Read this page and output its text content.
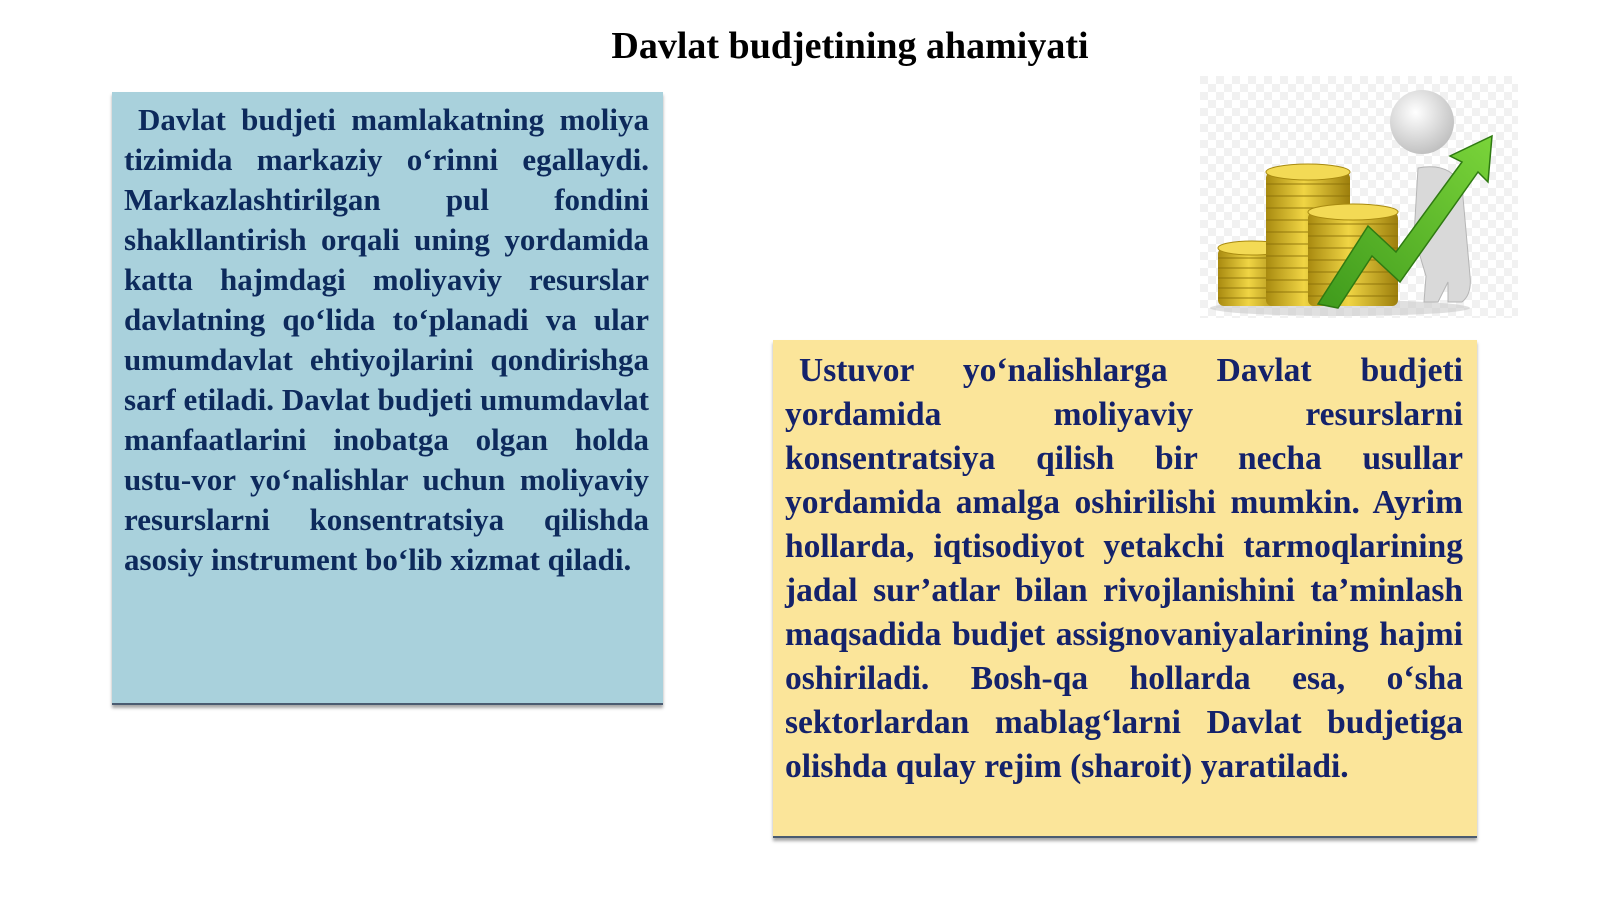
Davlat budjetining ahamiyati

Davlat budjeti mamlakatning moliya tizimida markaziy o‘rinni egallaydi. Markazlashtirilgan pul fondini shakllantirish orqali uning yordamida katta hajmdagi moliyaviy resurslar davlatning qo‘lida to‘planadi va ular umumdavlat ehtiyojlarini qondirishga sarf etiladi. Davlat budjeti umumdavlat manfaatlarini inobatga olgan holda ustu-vor yo‘nalishlar uchun moliyaviy resurslarni konsentratsiya qilishda asosiy instrument bo‘lib xizmat qiladi.

Ustuvor yo‘nalishlarga Davlat budjeti yordamida moliyaviy resurslarni konsentratsiya qilish bir necha usullar yordamida amalga oshirilishi mumkin. Ayrim hollarda, iqtisodiyot yetakchi tarmoqlarining jadal sur’atlar bilan rivojlanishini ta’minlash maqsadida budjet assignovaniyalarining hajmi oshiriladi. Bosh-qa hollarda esa, o‘sha sektorlardan mablag‘larni Davlat budjetiga olishda qulay rejim (sharoit) yaratiladi.
